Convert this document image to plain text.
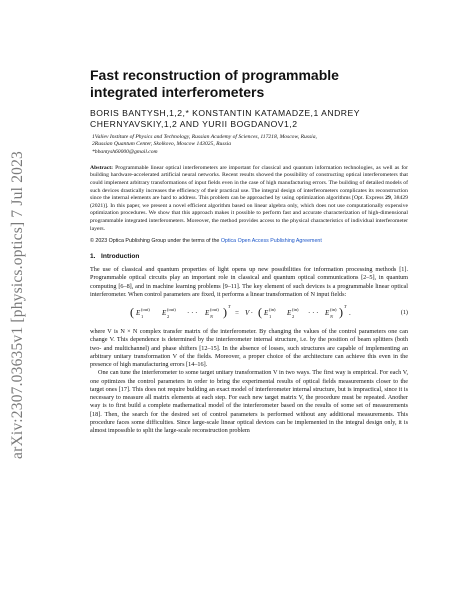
arXiv:2307.03635v1 [physics.optics] 7 Jul 2023
Fast reconstruction of programmable integrated interferometers
BORIS BANTYSH,1,2,* KONSTANTIN KATAMADZE,1 ANDREY CHERNYAVSKIY,1,2 AND YURII BOGDANOV1,2
1Valiev Institute of Physics and Technology, Russian Academy of Sciences, 117218, Moscow, Russia,
2Russian Quantum Center, Skolkovo, Moscow 143025, Russia
*bbantysh60000@gmail.com
Abstract: Programmable linear optical interferometers are important for classical and quantum information technologies, as well as for building hardware-accelerated artificial neural networks. Recent results showed the possibility of constructing optical interferometers that could implement arbitrary transformations of input fields even in the case of high manufacturing errors. The building of detailed models of such devices drastically increases the efficiency of their practical use. The integral design of interferometers complicates its reconstruction since the internal elements are hard to address. This problem can be approached by using optimization algorithms [Opt. Express 29, 38429 (2021)]. In this paper, we present a novel efficient algorithm based on linear algebra only, which does not use computationally expensive optimization procedures. We show that this approach makes it possible to perform fast and accurate characterization of high-dimensional programmable integrated interferometers. Moreover, the method provides access to the physical characteristics of individual interferometer layers.
© 2023 Optica Publishing Group under the terms of the Optica Open Access Publishing Agreement
1. Introduction

The use of classical and quantum properties of light opens up new possibilities for information processing methods [1]. Programmable optical circuits play an important role in classical and quantum optical communications [2–5], in quantum computing [6–8], and in machine learning problems [9–11]. The key element of such devices is a programmable linear optical interferometer. When control parameters are fixed, it performs a linear transformation of N input fields:

( E 1
(out) E 2
(out) · · · E N
(out) ) T
= V · ( E 1
(in) E 2
(in) · · · E N
(in) ) T
.	(1)

where V is N × N complex transfer matrix of the interferometer. By changing the values of the control parameters one can change V. This dependence is determined by the interferometer internal structure, i.e. by the position of beam splitters (both two- and multichannel) and phase shifters [12–15]. In the absence of losses, such structures are capable of implementing an arbitrary unitary transformation V of the fields. Moreover, a proper choice of the architecture can achieve this even in the presence of high manufacturing errors [14–16].

One can tune the interferometer to some target unitary transformation V in two ways. The first way is empirical. For each V, one optimizes the control parameters in order to bring the experimental results of optical fields measurements closer to the target ones [17]. This does not require building an exact model of interferometer internal structure, but is impractical, since it is necessary to measure all matrix elements at each step. For each new target matrix V, the procedure must be repeated. Another way is to first build a complete mathematical model of the interferometer based on the results of some set of measurements [18]. Then, the search for the desired set of control parameters is performed without any additional measurements. This procedure faces some difficulties. Since large-scale linear optical devices can be implemented in the integral design only, it is almost impossible to split the large-scale reconstruction problem
